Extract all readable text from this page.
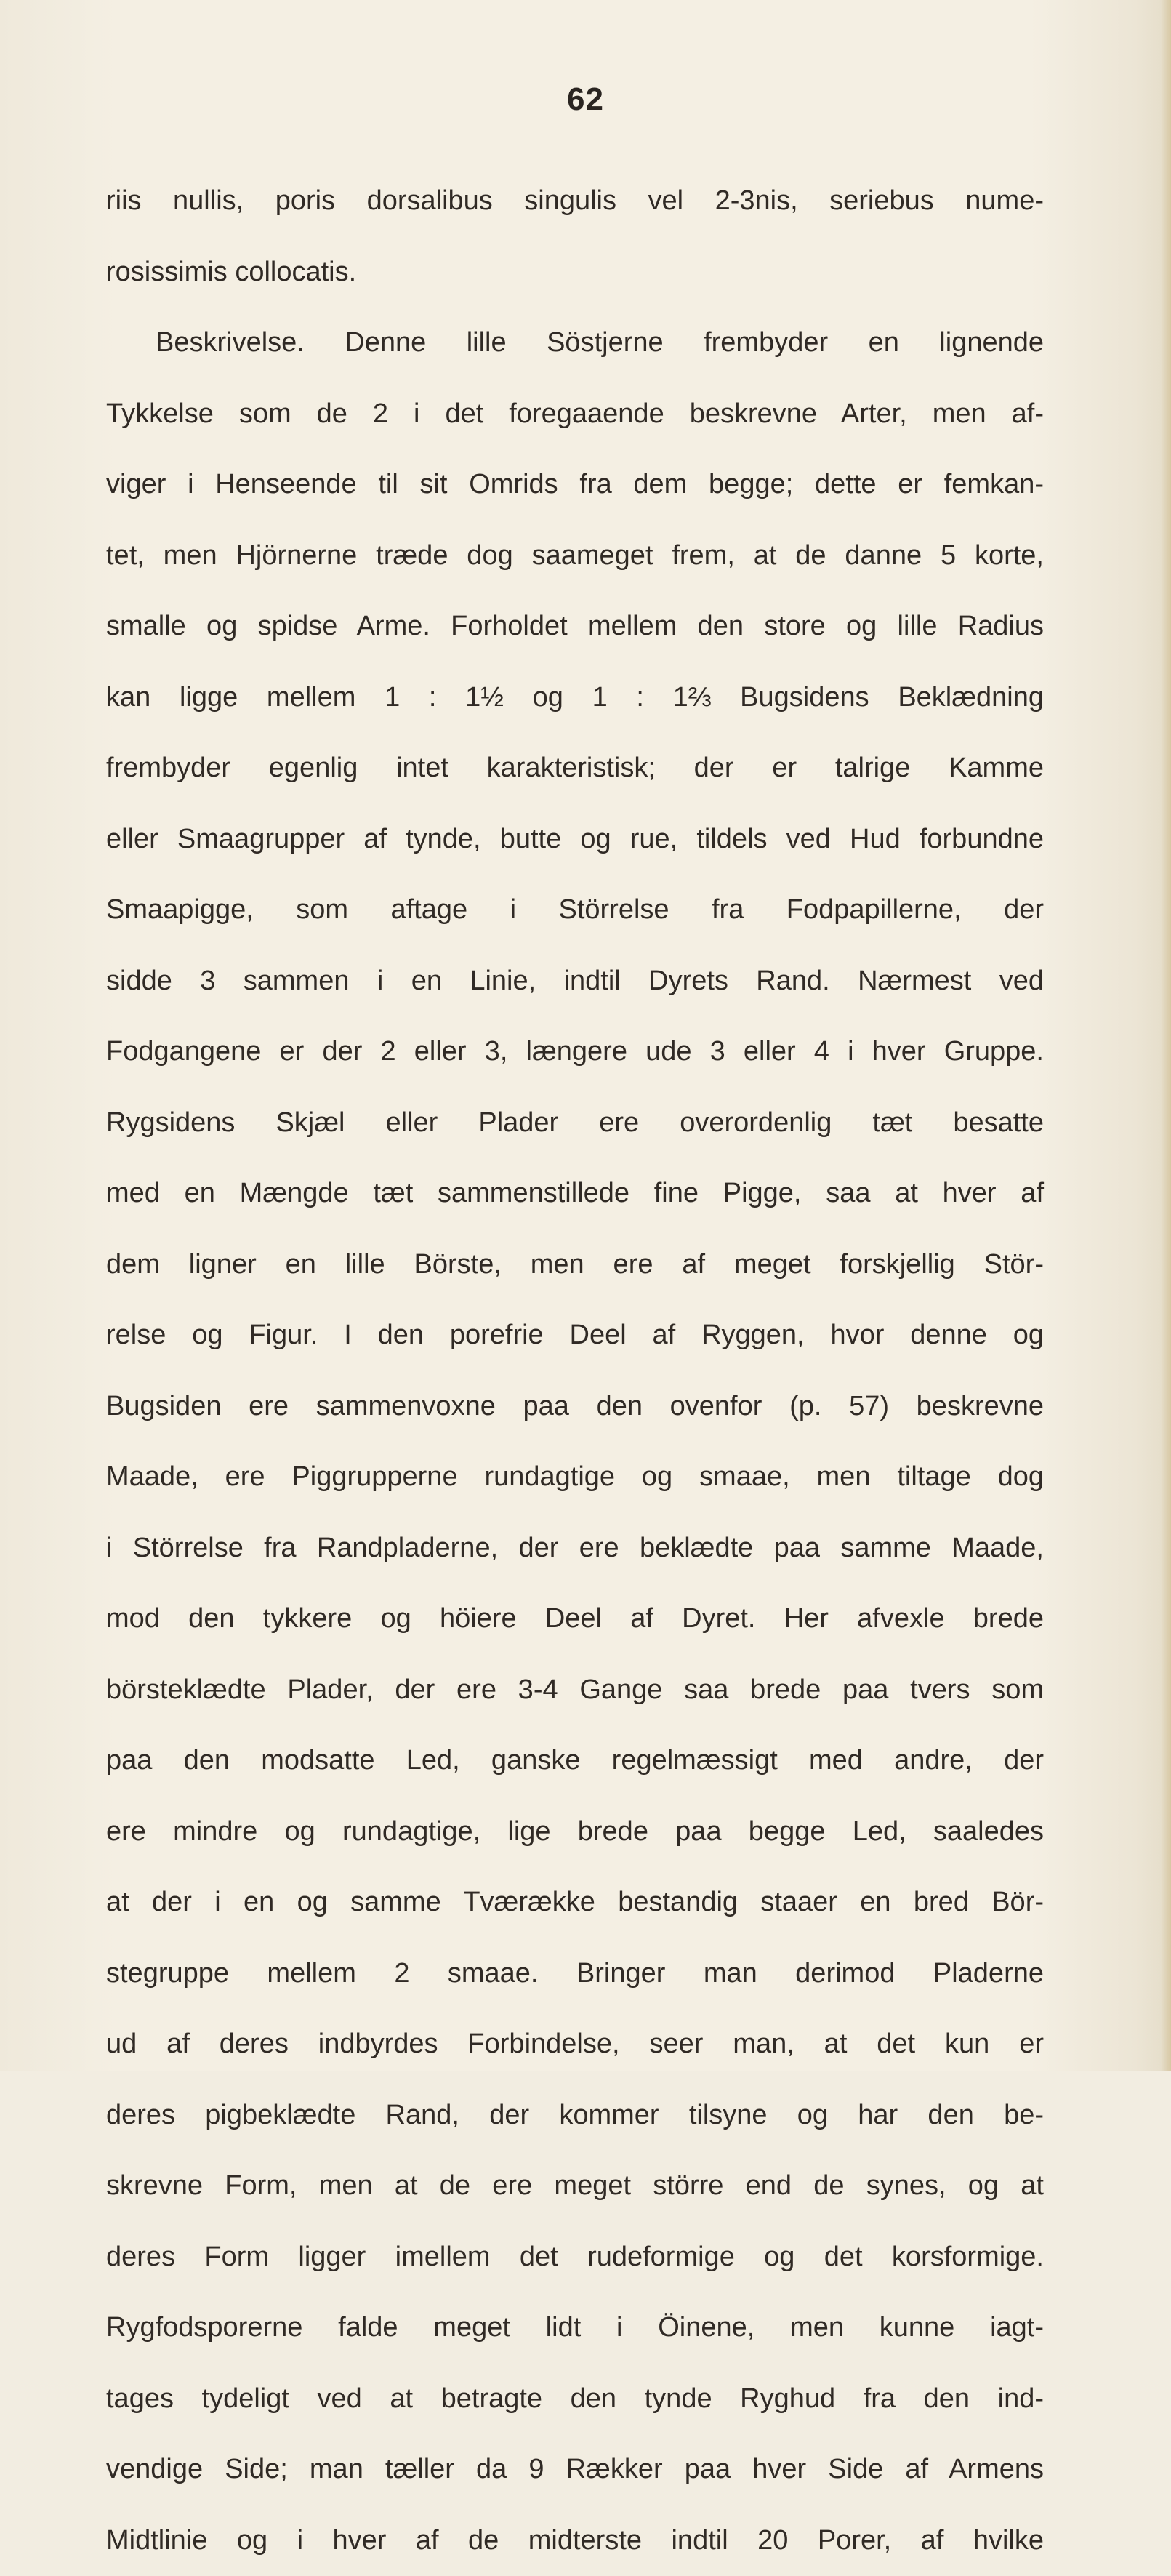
62
riis nullis, poris dorsalibus singulis vel 2-3nis, seriebus nume-
rosissimis collocatis.
Beskrivelse. Denne lille Söstjerne frembyder en lignende
Tykkelse som de 2 i det foregaaende beskrevne Arter, men af-
viger i Henseende til sit Omrids fra dem begge; dette er femkan-
tet, men Hjörnerne træde dog saameget frem, at de danne 5 korte,
smalle og spidse Arme. Forholdet mellem den store og lille Radius
kan ligge mellem 1 : 1½ og 1 : 1⅔ Bugsidens Beklædning
frembyder egenlig intet karakteristisk; der er talrige Kamme
eller Smaagrupper af tynde, butte og rue, tildels ved Hud forbundne
Smaapigge, som aftage i Störrelse fra Fodpapillerne, der
sidde 3 sammen i en Linie, indtil Dyrets Rand. Nærmest ved
Fodgangene er der 2 eller 3, længere ude 3 eller 4 i hver Gruppe.
Rygsidens Skjæl eller Plader ere overordenlig tæt besatte
med en Mængde tæt sammenstillede fine Pigge, saa at hver af
dem ligner en lille Börste, men ere af meget forskjellig Stör-
relse og Figur. I den porefrie Deel af Ryggen, hvor denne og
Bugsiden ere sammenvoxne paa den ovenfor (p. 57) beskrevne
Maade, ere Piggrupperne rundagtige og smaae, men tiltage dog
i Störrelse fra Randpladerne, der ere beklædte paa samme Maade,
mod den tykkere og höiere Deel af Dyret. Her afvexle brede
börsteklædte Plader, der ere 3-4 Gange saa brede paa tvers som
paa den modsatte Led, ganske regelmæssigt med andre, der
ere mindre og rundagtige, lige brede paa begge Led, saaledes
at der i en og samme Tværække bestandig staaer en bred Bör-
stegruppe mellem 2 smaae. Bringer man derimod Pladerne
ud af deres indbyrdes Forbindelse, seer man, at det kun er
deres pigbeklædte Rand, der kommer tilsyne og har den be-
skrevne Form, men at de ere meget större end de synes, og at
deres Form ligger imellem det rudeformige og det korsformige.
Rygfodsporerne falde meget lidt i Öinene, men kunne iagt-
tages tydeligt ved at betragte den tynde Ryghud fra den ind-
vendige Side; man tæller da 9 Rækker paa hver Side af Armens
Midtlinie og i hver af de midterste indtil 20 Porer, af hvilke
